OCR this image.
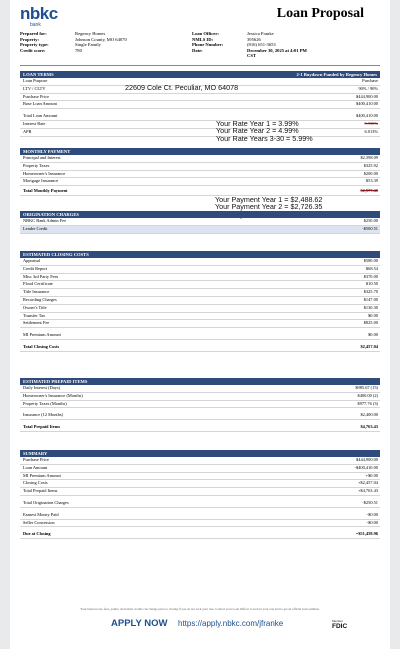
nbkc
bank
Loan Proposal
Prepared for:	Regency Homes
Property:	Johnson County, MO 64070
Property type:	Single Family
Credit score:	780
Loan Officer:	Jessica Franke
NMLS ID:	395626
Phone Number:	(816) 651-3653
Date:	December 30, 2025 at 4:01 PM
CST
LOAN TERMS	2-1 Buydown Funded by Regency Homes
Loan Purpose	Purchase
LTV / CLTV	90% / 90%
Purchase Price	$444,900.00
Base Loan Amount	$400,410.00
Total Loan Amount	$400,410.00
Interest Rate	5.990%
APR	6.013%
22609 Cole Ct. Peculiar, MO 64078
Your Rate Year 1 = 3.99%
Your Rate Year 2 = 4.99%
Your Rate Years 3-30 = 5.99%
MONTHLY PAYMENT
Principal and Interest	$2,398.09
Property Taxes	$325.92
Homeowner's Insurance	$200.00
Mortgage Insurance	$53.39
Total Monthly Payment	$2,977.40
Your Payment Year 1 = $2,488.62
Your Payment Year 2 = $2,726.35
ORIGINATION CHARGES
NBKC Bank Admin Fee	$250.00
Lender Credit	-$500.51
ESTIMATED CLOSING COSTS
Appraisal	$580.00
Credit Report	$68.54
Misc 3rd Party Fees	$370.00
Flood Certificate	$10.50
Title Insurance	$325.70
Recording Charges	$147.00
Owner's Title	$130.30
Transfer Tax	$0.00
Settlement Fee	$825.00
MI Premium Amount	$0.00
Total Closing Costs	$2,457.04
ESTIMATED PREPAID ITEMS
Daily Interest (Days)	$985.67 (15)
Homeowner's Insurance (Months)	$400.00 (2)
Property Taxes (Months)	$977.76 (3)
Insurance (12 Months)	$2,400.00
Total Prepaid Items	$4,763.43
SUMMARY
Purchase Price	$444,900.00
Loan Amount	-$400,410.00
MI Premium Amount	+$0.00
Closing Costs	+$2,457.04
Total Prepaid Items	+$4,763.43
Total Origination Charges	-$250.51
Earnest Money Paid	-$0.00
Seller Concession	-$0.00
Due at Closing	=$51,459.96
Your interest rate, fees, points, and lender credits can change prior to closing if you do not lock your rate. Contact your Loan Officer to lock in your rate and to get an official loan estimate.
APPLY NOW https://apply.nbkc.com/jfranke	Member
FDIC
